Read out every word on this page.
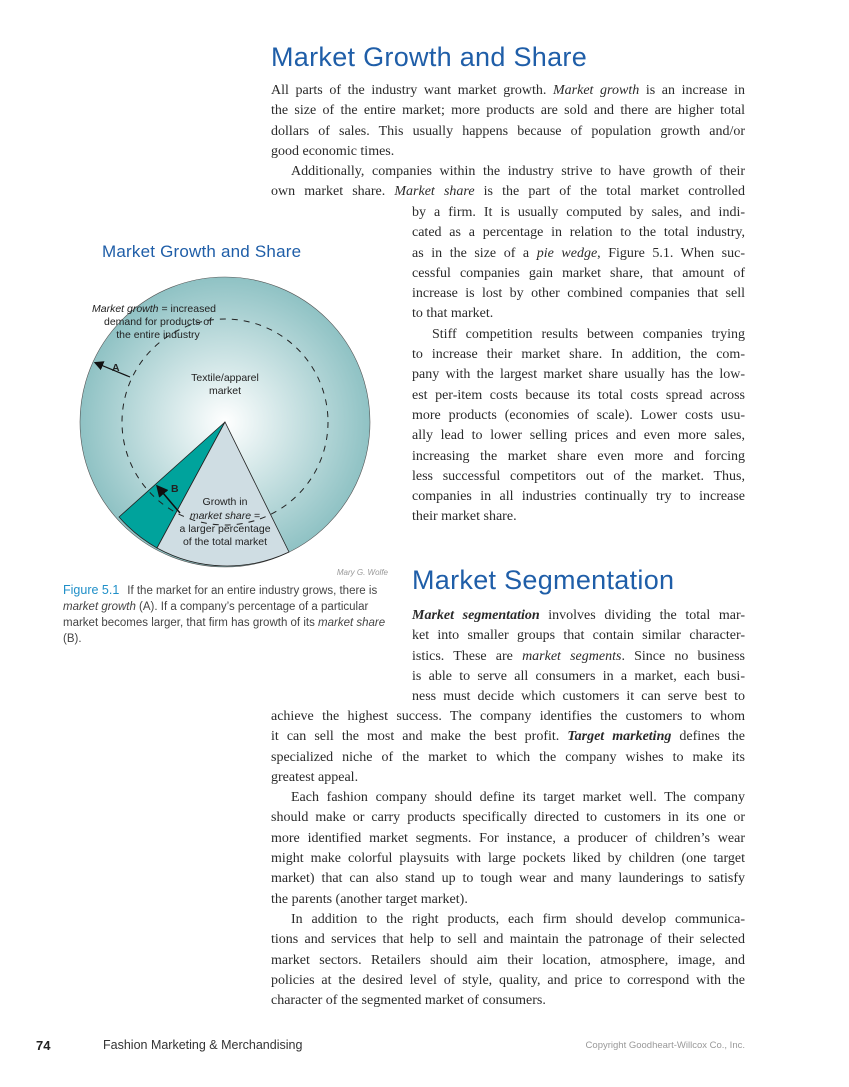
Market Growth and Share
All parts of the industry want market growth. Market growth is an increase in
the size of the entire market; more products are sold and there are higher total
dollars of sales. This usually happens because of population growth and/or
good economic times.
Additionally, companies within the industry strive to have growth of their
own market share. Market share is the part of the total market controlled
by a firm. It is usually computed by sales, and indi-
cated as a percentage in relation to the total industry,
as in the size of a pie wedge, Figure 5.1. When suc-
cessful companies gain market share, that amount of
increase is lost by other combined companies that sell
to that market.
Stiff competition results between companies trying
to increase their market share. In addition, the com-
pany with the largest market share usually has the low-
est per-item costs because its total costs spread across
more products (economies of scale). Lower costs usu-
ally lead to lower selling prices and even more sales,
increasing the market share even more and forcing
less successful competitors out of the market. Thus,
companies in all industries continually try to increase
their market share.
Market Segmentation
Market segmentation involves dividing the total mar-
ket into smaller groups that contain similar character-
istics. These are market segments. Since no business
is able to serve all consumers in a market, each busi-
ness must decide which customers it can serve best to
achieve the highest success. The company identifies the customers to whom
it can sell the most and make the best profit. Target marketing defines the
specialized niche of the market to which the company wishes to make its
greatest appeal.
Each fashion company should define its target market well. The company
should make or carry products specifically directed to customers in its one or
more identified market segments. For instance, a producer of children’s wear
might make colorful playsuits with large pockets liked by children (one target
market) that can also stand up to tough wear and many launderings to satisfy
the parents (another target market).
In addition to the right products, each firm should develop communica-
tions and services that help to sell and maintain the patronage of their selected
market sectors. Retailers should aim their location, atmosphere, image, and
policies at the desired level of style, quality, and price to correspond with the
character of the segmented market of consumers.
Market Growth and Share
A
B
Market growth = increased
demand for products of
the entire industry
Textile/apparel
market
Growth in
market share =
a larger percentage
of the total market
Mary G. Wolfe
Figure 5.1 If the market for an entire industry grows, there is market growth (A). If a company’s percentage of a particular market becomes larger, that firm has growth of its market share (B).
74	Fashion Marketing & Merchandising	Copyright Goodheart-Willcox Co., Inc.
